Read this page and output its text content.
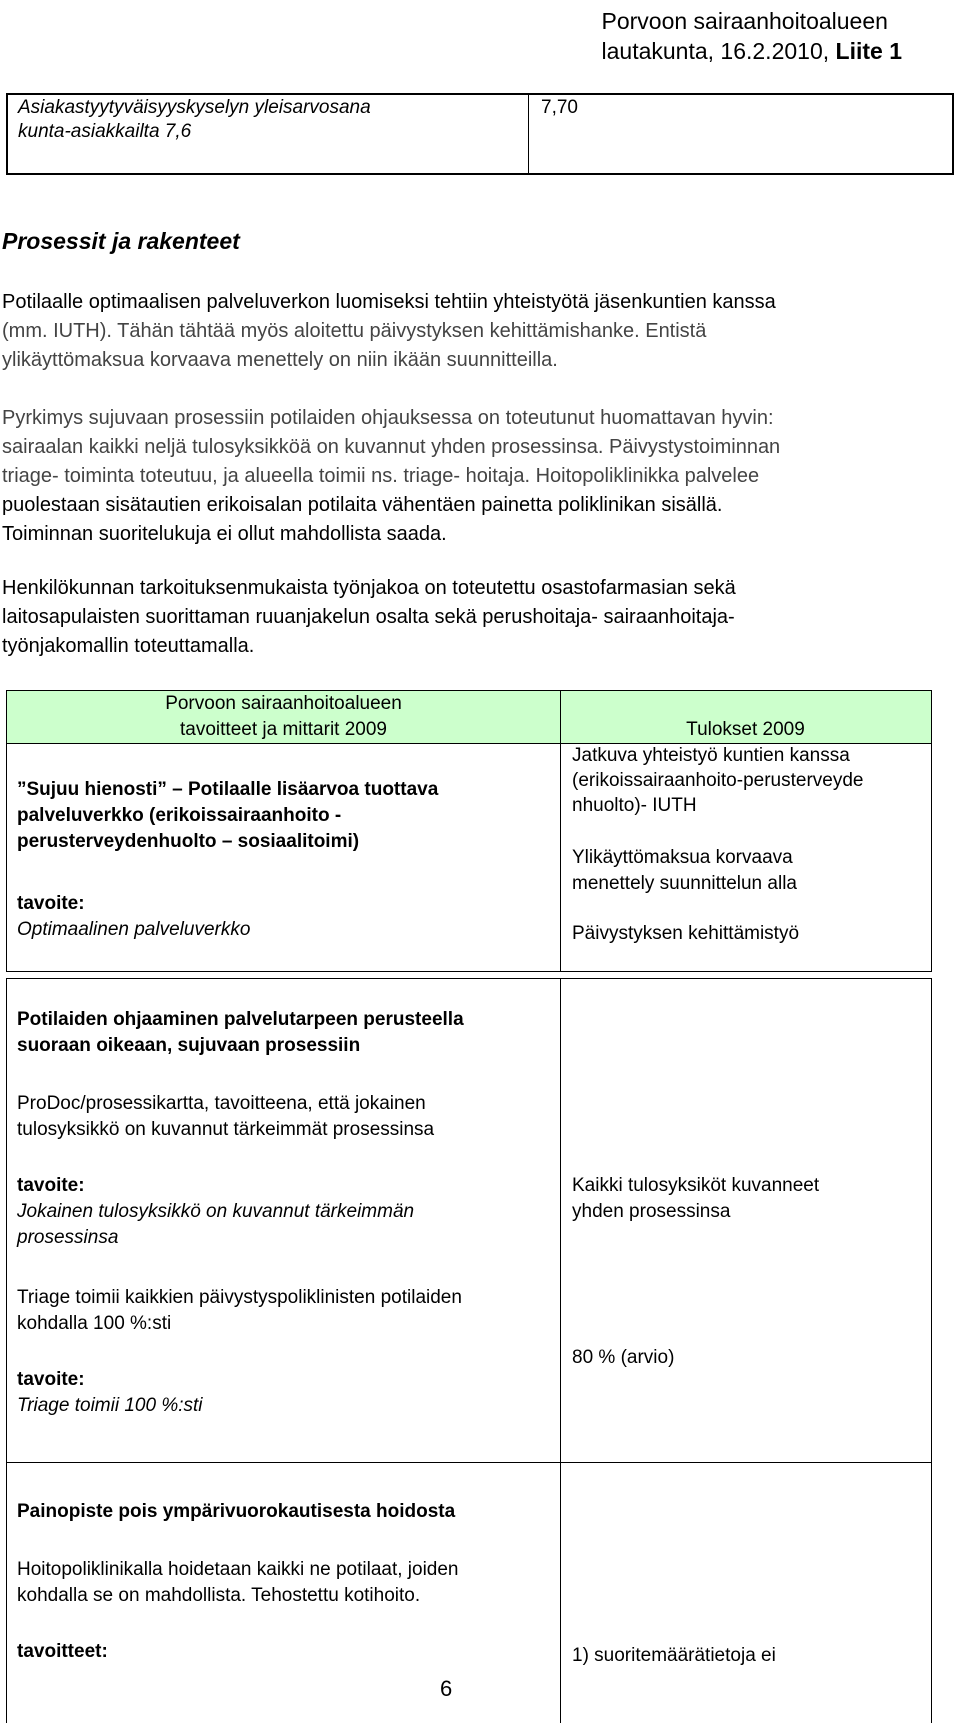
Porvoon sairaanhoitoalueen
lautakunta, 16.2.2010, Liite 1
Asiakastyytyväisyyskyselyn yleisarvosana
kunta-asiakkailta 7,6
7,70
Prosessit ja rakenteet
Potilaalle optimaalisen palveluverkon luomiseksi tehtiin yhteistyötä jäsenkuntien kanssa
(mm. IUTH). Tähän tähtää myös aloitettu päivystyksen kehittämishanke. Entistä
ylikäyttömaksua korvaava menettely on niin ikään suunnitteilla.
Pyrkimys sujuvaan prosessiin potilaiden ohjauksessa on toteutunut huomattavan hyvin:
sairaalan kaikki neljä tulosyksikköä on kuvannut yhden prosessinsa. Päivystystoiminnan
triage- toiminta toteutuu, ja alueella toimii ns. triage- hoitaja. Hoitopoliklinikka palvelee
puolestaan sisätautien erikoisalan potilaita vähentäen painetta poliklinikan sisällä.
Toiminnan suoritelukuja ei ollut mahdollista saada.
Henkilökunnan tarkoituksenmukaista työnjakoa on toteutettu osastofarmasian sekä
laitosapulaisten suorittaman ruuanjakelun osalta sekä perushoitaja- sairaanhoitaja-
työnjakomallin toteuttamalla.
Porvoon sairaanhoitoalueen
tavoitteet ja mittarit 2009	Tulokset 2009
”Sujuu hienosti” – Potilaalle lisäarvoa tuottava
palveluverkko (erikoissairaanhoito -
perusterveydenhuolto – sosiaalitoimi)
tavoite:
Optimaalinen palveluverkko
Jatkuva yhteistyö kuntien kanssa
(erikoissairaanhoito-perusterveyde
nhuolto)- IUTH
Ylikäyttömaksua korvaava
menettely suunnittelun alla
Päivystyksen kehittämistyö
Potilaiden ohjaaminen palvelutarpeen perusteella
suoraan oikeaan, sujuvaan prosessiin
ProDoc/prosessikartta, tavoitteena, että jokainen
tulosyksikkö on kuvannut tärkeimmät prosessinsa
tavoite:
Jokainen tulosyksikkö on kuvannut tärkeimmän
prosessinsa
Kaikki tulosyksiköt kuvanneet
yhden prosessinsa
Triage toimii kaikkien päivystyspoliklinisten potilaiden
kohdalla 100 %:sti
tavoite:
Triage toimii 100 %:sti
80 % (arvio)
Painopiste pois ympärivuorokautisesta hoidosta
Hoitopoliklinikalla hoidetaan kaikki ne potilaat, joiden
kohdalla se on mahdollista. Tehostettu kotihoito.
tavoitteet:	1) suoritemäärätietoja ei
6
